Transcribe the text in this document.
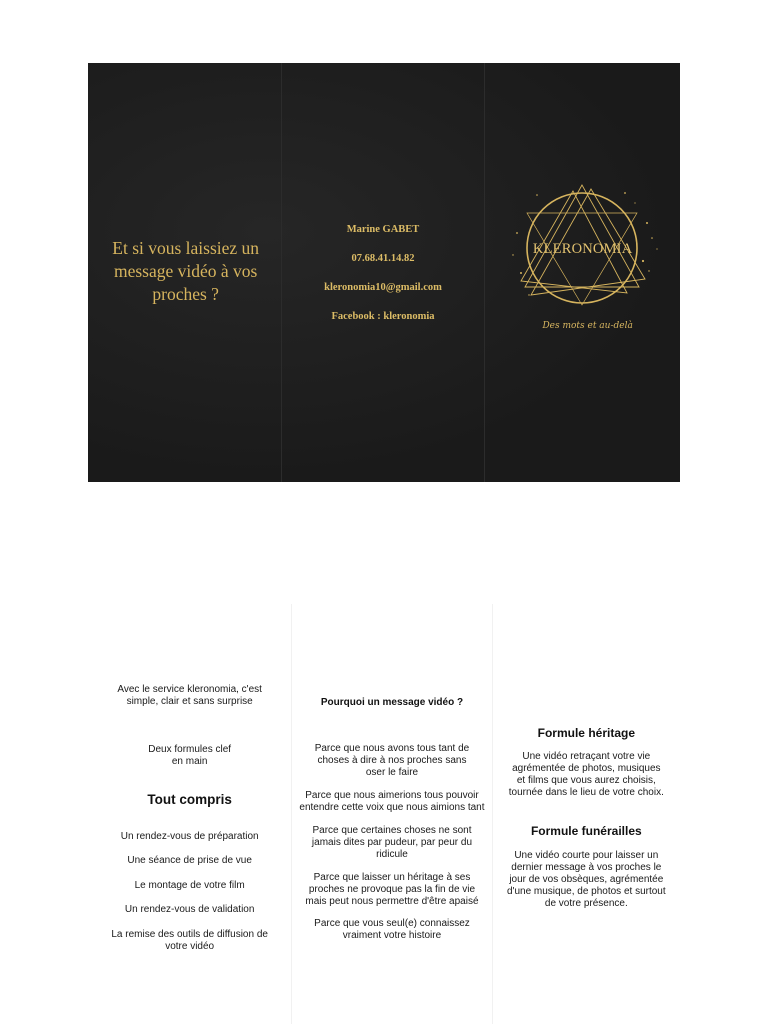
Et si vous laissiez un message vidéo à vos proches ?
Marine GABET
07.68.41.14.82
kleronomia10@gmail.com
Facebook : kleronomia
KLERONOMIA
Des mots et au-delà
Avec le service kleronomia, c'est simple, clair et sans surprise
Deux formules clef en main
Tout compris
Un rendez-vous de préparation
Une séance de prise de vue
Le montage de votre film
Un rendez-vous de validation
La remise des outils de diffusion de votre vidéo
Pourquoi un message vidéo ?
Parce que nous avons tous tant de choses à dire à nos proches sans oser le faire
Parce que nous aimerions tous pouvoir entendre cette voix que nous aimions tant
Parce que certaines choses ne sont jamais dites par pudeur, par peur du ridicule
Parce que laisser un héritage à ses proches ne provoque pas la fin de vie mais peut nous permettre d'être apaisé
Parce que vous seul(e) connaissez vraiment votre histoire
Formule héritage
Une vidéo retraçant votre vie agrémentée de photos, musiques et films que vous aurez choisis, tournée dans le lieu de votre choix.
Formule funérailles
Une vidéo courte pour laisser un dernier message à vos proches le jour de vos obsèques, agrémentée d'une musique, de photos et surtout de votre présence.
